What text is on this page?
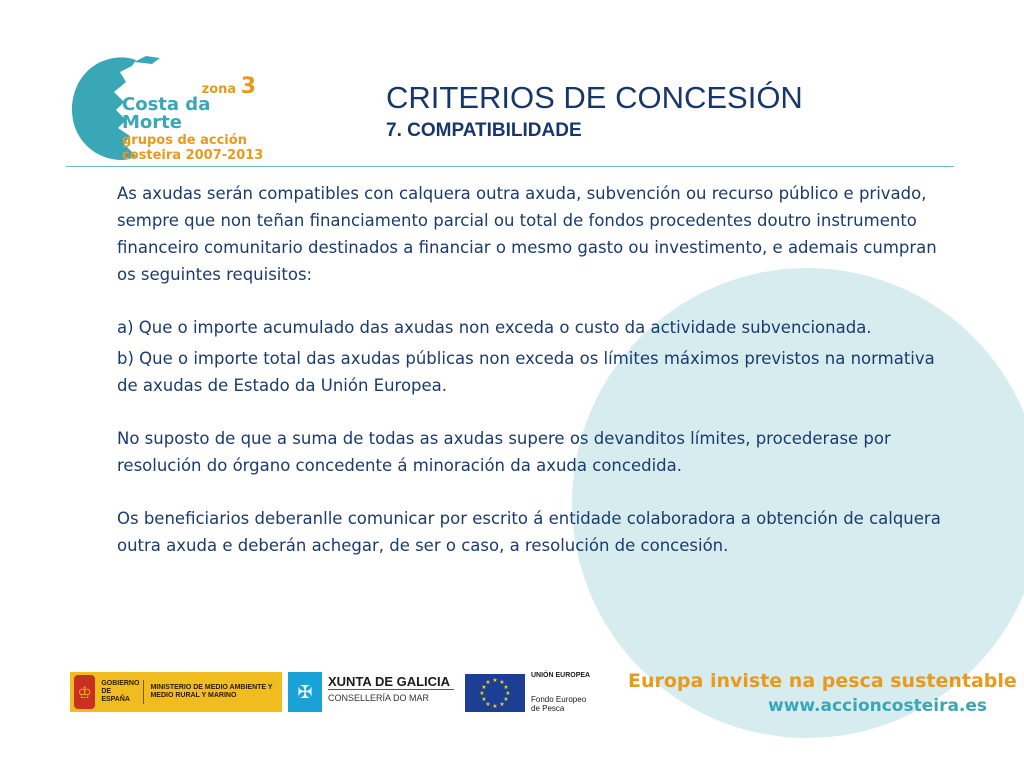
zona 3
Costa da Morte
grupos de acción
costeira 2007-2013
CRITERIOS DE CONCESIÓN
7. COMPATIBILIDADE

As axudas serán compatibles con calquera outra axuda, subvención ou recurso público e privado, sempre que non teñan financiamento parcial ou total de fondos procedentes doutro instrumento financeiro comunitario destinados a financiar o mesmo gasto ou investimento, e ademais cumpran os seguintes requisitos:

a) Que o importe acumulado das axudas non exceda o custo da actividade subvencionada.

b) Que o importe total das axudas públicas non exceda os límites máximos previstos na normativa de axudas de Estado da Unión Europea.

No suposto de que a suma de todas as axudas supere os devanditos límites, procederase por resolución do órgano concedente á minoración da axuda concedida.

Os beneficiarios deberanlle comunicar por escrito á entidade colaboradora a obtención de calquera outra axuda e deberán achegar, de ser o caso, a resolución de concesión.

♔	GOBIERNO DE ESPAÑA
MINISTERIO DE MEDIO AMBIENTE Y MEDIO RURAL Y MARINO	✠	XUNTA DE GALICIA
CONSELLERÍA DO MAR
★ ★
★
★
★
★
★
★
★
★
★
★
UNIÓN EUROPEA
Fondo Europeo de Pesca
Europa inviste na pesca sustentable
www.accioncosteira.es
